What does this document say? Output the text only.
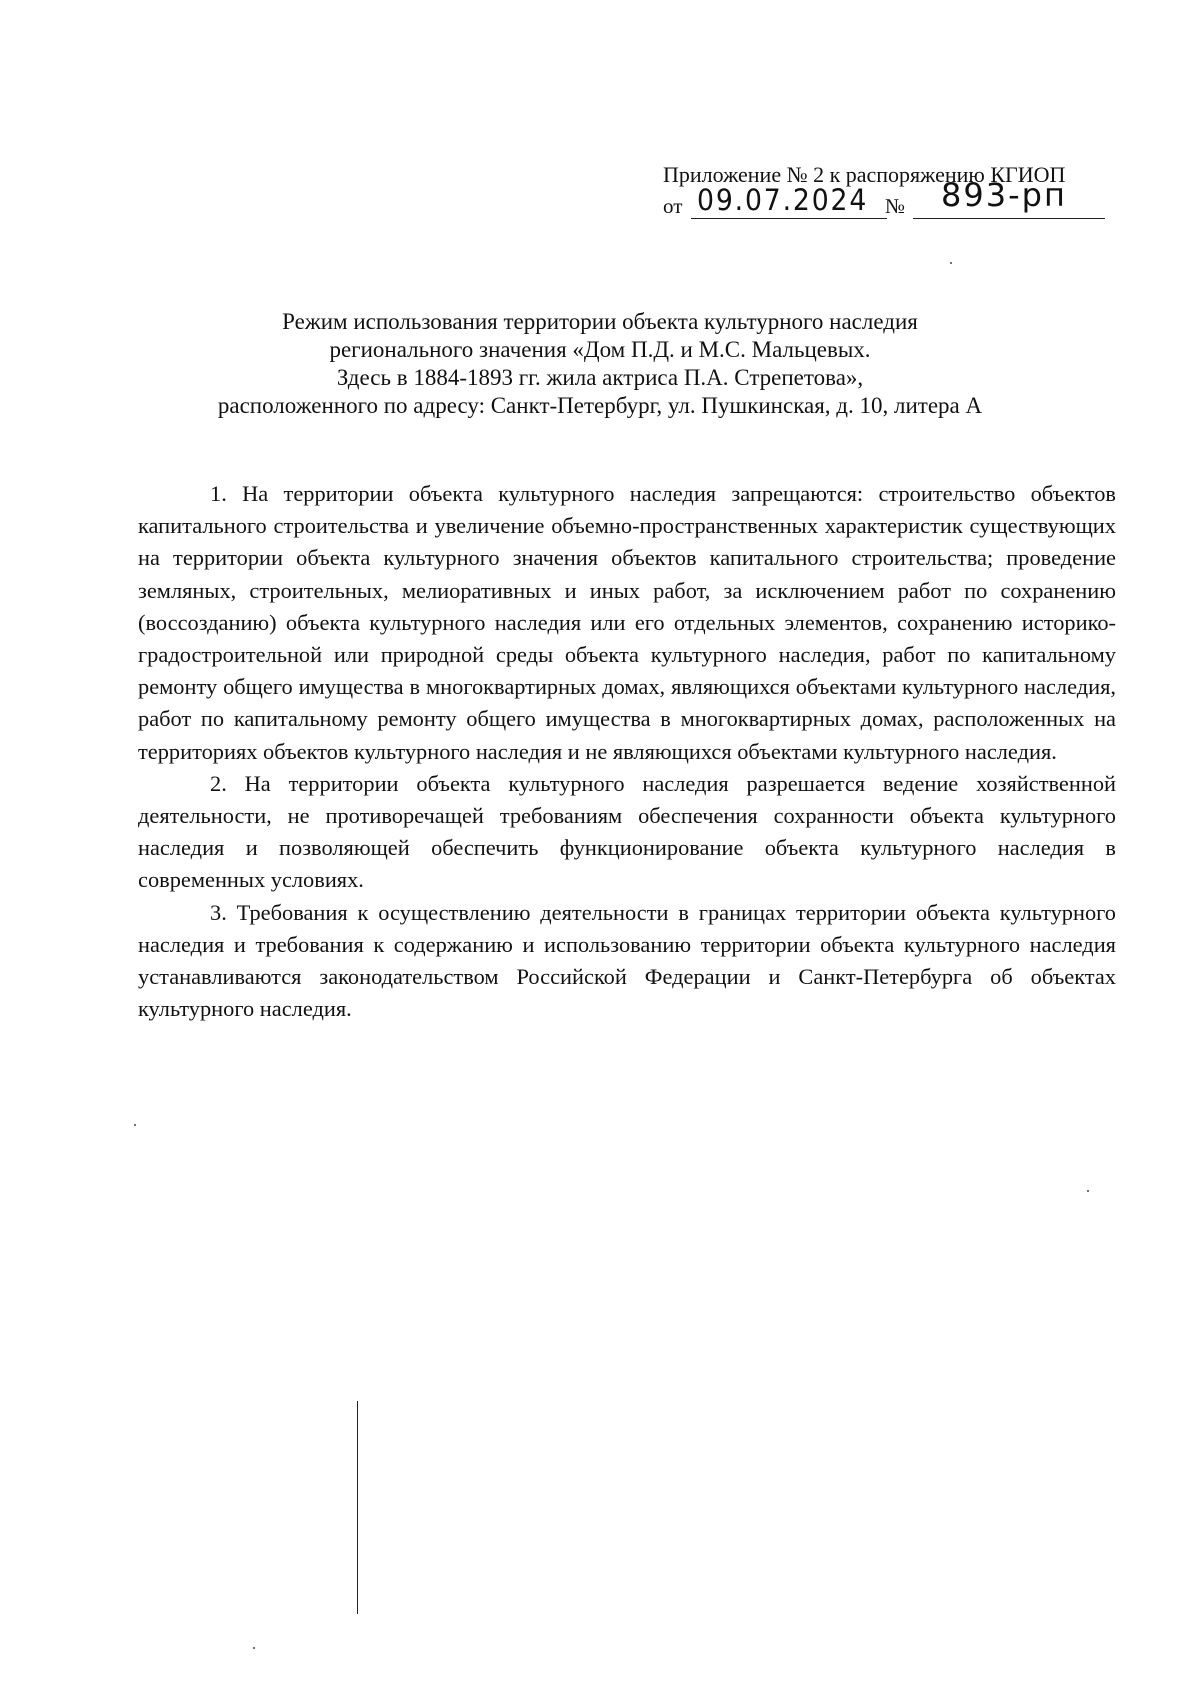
Приложение № 2 к распоряжению КГИОП
от 09.07.2024 № 893-рп
Режим использования территории объекта культурного наследия
регионального значения «Дом П.Д. и М.С. Мальцевых.
Здесь в 1884-1893 гг. жила актриса П.А. Стрепетова»,
расположенного по адресу: Санкт-Петербург, ул. Пушкинская, д. 10, литера А

1. На территории объекта культурного наследия запрещаются: строительство объектов капитального строительства и увеличение объемно-пространственных характеристик существующих на территории объекта культурного значения объектов капитального строительства; проведение земляных, строительных, мелиоративных и иных работ, за исключением работ по сохранению (воссозданию) объекта культурного наследия или его отдельных элементов, сохранению историко-градостроительной или природной среды объекта культурного наследия, работ по капитальному ремонту общего имущества в многоквартирных домах, являющихся объектами культурного наследия, работ по капитальному ремонту общего имущества в многоквартирных домах, расположенных на территориях объектов культурного наследия и не являющихся объектами культурного наследия.

2. На территории объекта культурного наследия разрешается ведение хозяйственной деятельности, не противоречащей требованиям обеспечения сохранности объекта культурного наследия и позволяющей обеспечить функционирование объекта культурного наследия в современных условиях.

3. Требования к осуществлению деятельности в границах территории объекта культурного наследия и требования к содержанию и использованию территории объекта культурного наследия устанавливаются законодательством Российской Федерации и Санкт-Петербурга об объектах культурного наследия.
